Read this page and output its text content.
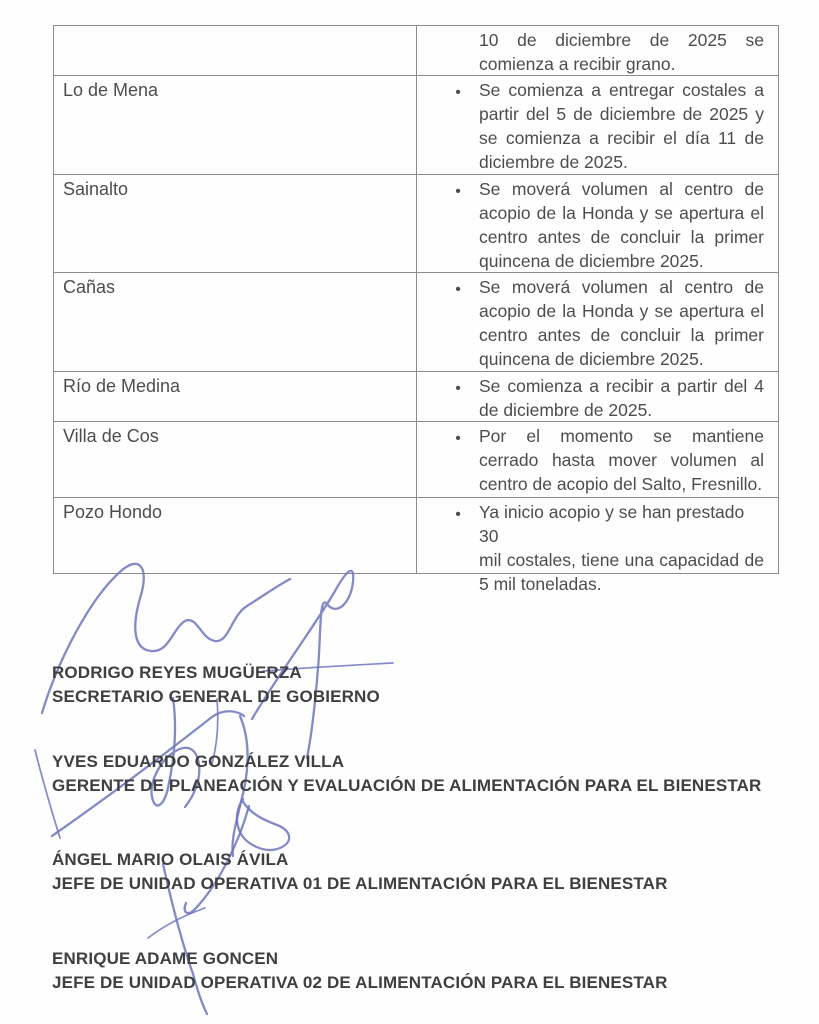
10 de diciembre de 2025 se
comienza a recibir grano.
Lo de Mena	•	Se comienza a entregar costales a
partir del 5 de diciembre de 2025 y
se comienza a recibir el día 11 de
diciembre de 2025.
Sainalto	•	Se moverá volumen al centro de
acopio de la Honda y se apertura el
centro antes de concluir la primer
quincena de diciembre 2025.
Cañas	•	Se moverá volumen al centro de
acopio de la Honda y se apertura el
centro antes de concluir la primer
quincena de diciembre 2025.
Río de Medina	•	Se comienza a recibir a partir del 4
de diciembre de 2025.
Villa de Cos	•	Por el momento se mantiene
cerrado hasta mover volumen al
centro de acopio del Salto, Fresnillo.
Pozo Hondo	•	Ya inicio acopio y se han prestado 30
mil costales, tiene una capacidad de
5 mil toneladas.
RODRIGO REYES MUGÜERZA
SECRETARIO GENERAL DE GOBIERNO
YVES EDUARDO GONZÁLEZ VILLA
GERENTE DE PLANEACIÓN Y EVALUACIÓN DE ALIMENTACIÓN PARA EL BIENESTAR
ÁNGEL MARIO OLAIS ÁVILA
JEFE DE UNIDAD OPERATIVA 01 DE ALIMENTACIÓN PARA EL BIENESTAR
ENRIQUE ADAME GONCEN
JEFE DE UNIDAD OPERATIVA 02 DE ALIMENTACIÓN PARA EL BIENESTAR
